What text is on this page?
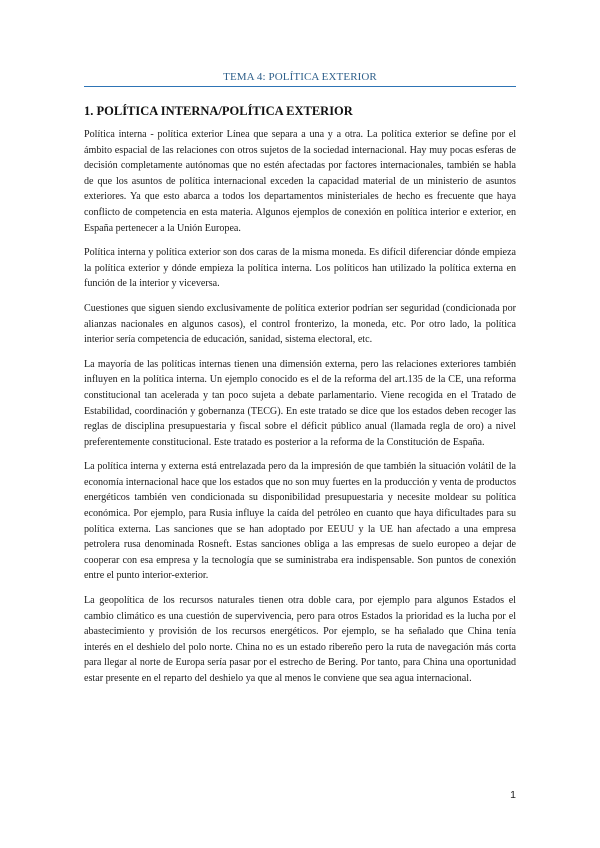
TEMA 4: POLÍTICA EXTERIOR
1. POLÍTICA INTERNA/POLÍTICA EXTERIOR

Política interna - política exterior Línea que separa a una y a otra. La política exterior se define por el ámbito espacial de las relaciones con otros sujetos de la sociedad internacional. Hay muy pocas esferas de decisión completamente autónomas que no estén afectadas por factores internacionales, también se habla de que los asuntos de política internacional exceden la capacidad material de un ministerio de asuntos exteriores. Ya que esto abarca a todos los departamentos ministeriales de hecho es frecuente que haya conflicto de competencia en esta materia. Algunos ejemplos de conexión en política interior e exterior, en España pertenecer a la Unión Europea.

Política interna y política exterior son dos caras de la misma moneda. Es difícil diferenciar dónde empieza la política exterior y dónde empieza la política interna. Los políticos han utilizado la política externa en función de la interior y viceversa.

Cuestiones que siguen siendo exclusivamente de política exterior podrían ser seguridad (condicionada por alianzas nacionales en algunos casos), el control fronterizo, la moneda, etc. Por otro lado, la política interior sería competencia de educación, sanidad, sistema electoral, etc.

La mayoría de las políticas internas tienen una dimensión externa, pero las relaciones exteriores también influyen en la política interna. Un ejemplo conocido es el de la reforma del art.135 de la CE, una reforma constitucional tan acelerada y tan poco sujeta a debate parlamentario. Viene recogida en el Tratado de Estabilidad, coordinación y gobernanza (TECG). En este tratado se dice que los estados deben recoger las reglas de disciplina presupuestaria y fiscal sobre el déficit público anual (llamada regla de oro) a nivel preferentemente constitucional. Este tratado es posterior a la reforma de la Constitución de España.

La política interna y externa está entrelazada pero da la impresión de que también la situación volátil de la economía internacional hace que los estados que no son muy fuertes en la producción y venta de productos energéticos también ven condicionada su disponibilidad presupuestaria y necesite moldear su política económica. Por ejemplo, para Rusia influye la caída del petróleo en cuanto que haya dificultades para su política externa. Las sanciones que se han adoptado por EEUU y la UE han afectado a una empresa petrolera rusa denominada Rosneft. Estas sanciones obliga a las empresas de suelo europeo a dejar de cooperar con esa empresa y la tecnología que se suministraba era indispensable. Son puntos de conexión entre el punto interior-exterior.

La geopolítica de los recursos naturales tienen otra doble cara, por ejemplo para algunos Estados el cambio climático es una cuestión de supervivencia, pero para otros Estados la prioridad es la lucha por el abastecimiento y provisión de los recursos energéticos. Por ejemplo, se ha señalado que China tenía interés en el deshielo del polo norte. China no es un estado ribereño pero la ruta de navegación más corta para llegar al norte de Europa sería pasar por el estrecho de Bering. Por tanto, para China una oportunidad estar presente en el reparto del deshielo ya que al menos le conviene que sea agua internacional.

1
